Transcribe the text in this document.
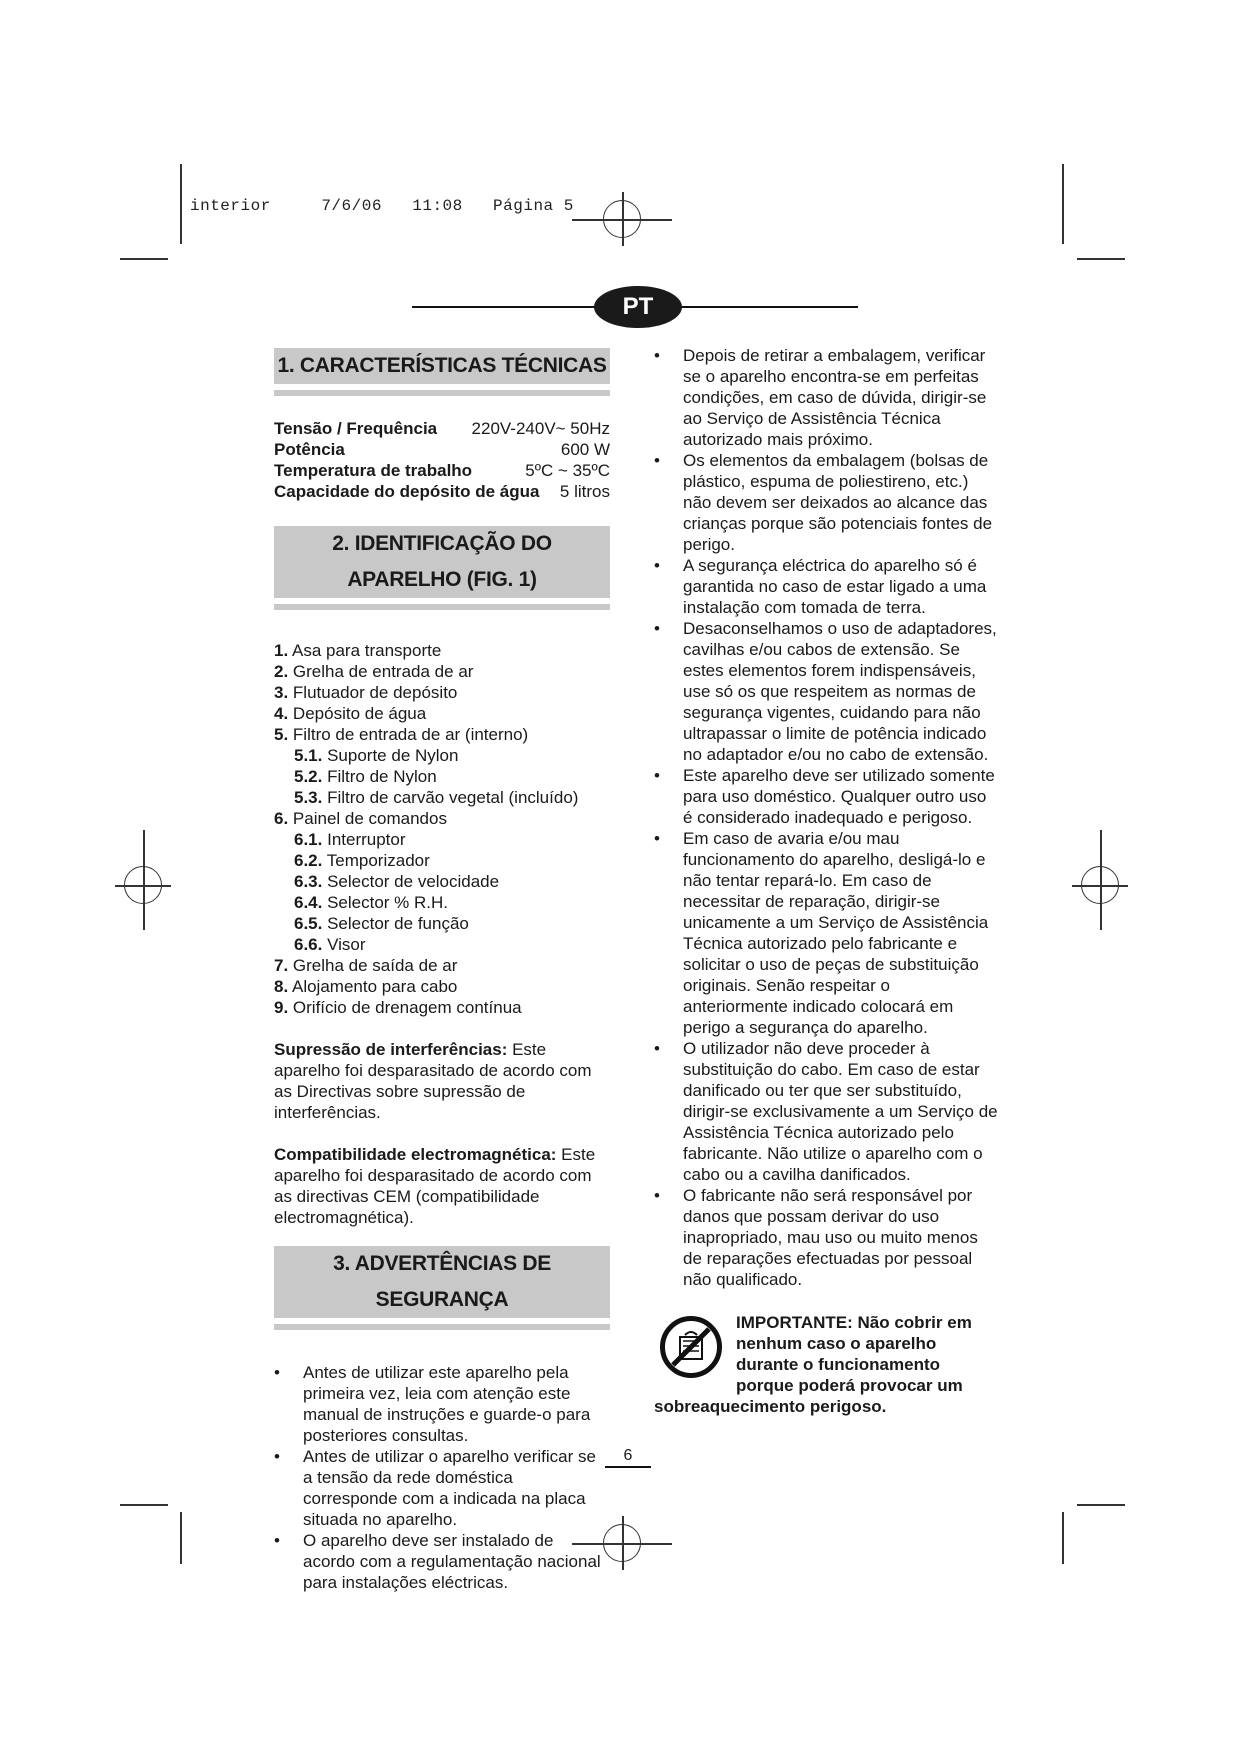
interior     7/6/06   11:08   Página 5
PT
1. CARACTERÍSTICAS TÉCNICAS
Tensão / Frequência 220V-240V~ 50Hz
Potência	600 W
Temperatura de trabalho	5ºC ~ 35ºC
Capacidade do depósito de água 5 litros
2. IDENTIFICAÇÃO DO APARELHO (FIG. 1)
1. Asa para transporte
2. Grelha de entrada de ar
3. Flutuador de depósito
4. Depósito de água
5. Filtro de entrada de ar (interno)
5.1. Suporte de Nylon
5.2. Filtro de Nylon
5.3. Filtro de carvão vegetal (incluído)
6. Painel de comandos
6.1. Interruptor
6.2. Temporizador
6.3. Selector de velocidade
6.4. Selector % R.H.
6.5. Selector de função
6.6. Visor
7. Grelha de saída de ar
8. Alojamento para cabo
9. Orifício de drenagem contínua

Supressão de interferências: Este aparelho foi desparasitado de acordo com as Directivas sobre supressão de interferências.

Compatibilidade electromagnética: Este aparelho foi desparasitado de acordo com as directivas CEM (compatibilidade electromagnética).

3. ADVERTÊNCIAS DE SEGURANÇA
• Antes de utilizar este aparelho pela primeira vez, leia com atenção este manual de instruções e guarde-o para posteriores consultas.
• Antes de utilizar o aparelho verificar se a tensão da rede doméstica corresponde com a indicada na placa situada no aparelho.
• O aparelho deve ser instalado de acordo com a regulamentação nacional para instalações eléctricas.
• Depois de retirar a embalagem, verificar se o aparelho encontra-se em perfeitas condições, em caso de dúvida, dirigir-se ao Serviço de Assistência Técnica autorizado mais próximo.
• Os elementos da embalagem (bolsas de plástico, espuma de poliestireno, etc.) não devem ser deixados ao alcance das crianças porque são potenciais fontes de perigo.
• A segurança eléctrica do aparelho só é garantida no caso de estar ligado a uma instalação com tomada de terra.
• Desaconselhamos o uso de adaptadores, cavilhas e/ou cabos de extensão. Se estes elementos forem indispensáveis, use só os que respeitem as normas de segurança vigentes, cuidando para não ultrapassar o limite de potência indicado no adaptador e/ou no cabo de extensão.
• Este aparelho deve ser utilizado somente para uso doméstico. Qualquer outro uso é considerado inadequado e perigoso.
• Em caso de avaria e/ou mau funcionamento do aparelho, desligá-lo e não tentar repará-lo. Em caso de necessitar de reparação, dirigir-se unicamente a um Serviço de Assistência Técnica autorizado pelo fabricante e solicitar o uso de peças de substituição originais. Senão respeitar o anteriormente indicado colocará em perigo a segurança do aparelho.
• O utilizador não deve proceder à substituição do cabo. Em caso de estar danificado ou ter que ser substituído, dirigir-se exclusivamente a um Serviço de Assistência Técnica autorizado pelo fabricante. Não utilize o aparelho com o cabo ou a cavilha danificados.
• O fabricante não será responsável por danos que possam derivar do uso inapropriado, mau uso ou muito menos de reparações efectuadas por pessoal não qualificado.
IMPORTANTE: Não cobrir em nenhum caso o aparelho durante o funcionamento porque poderá provocar um sobreaquecimento perigoso.
6
